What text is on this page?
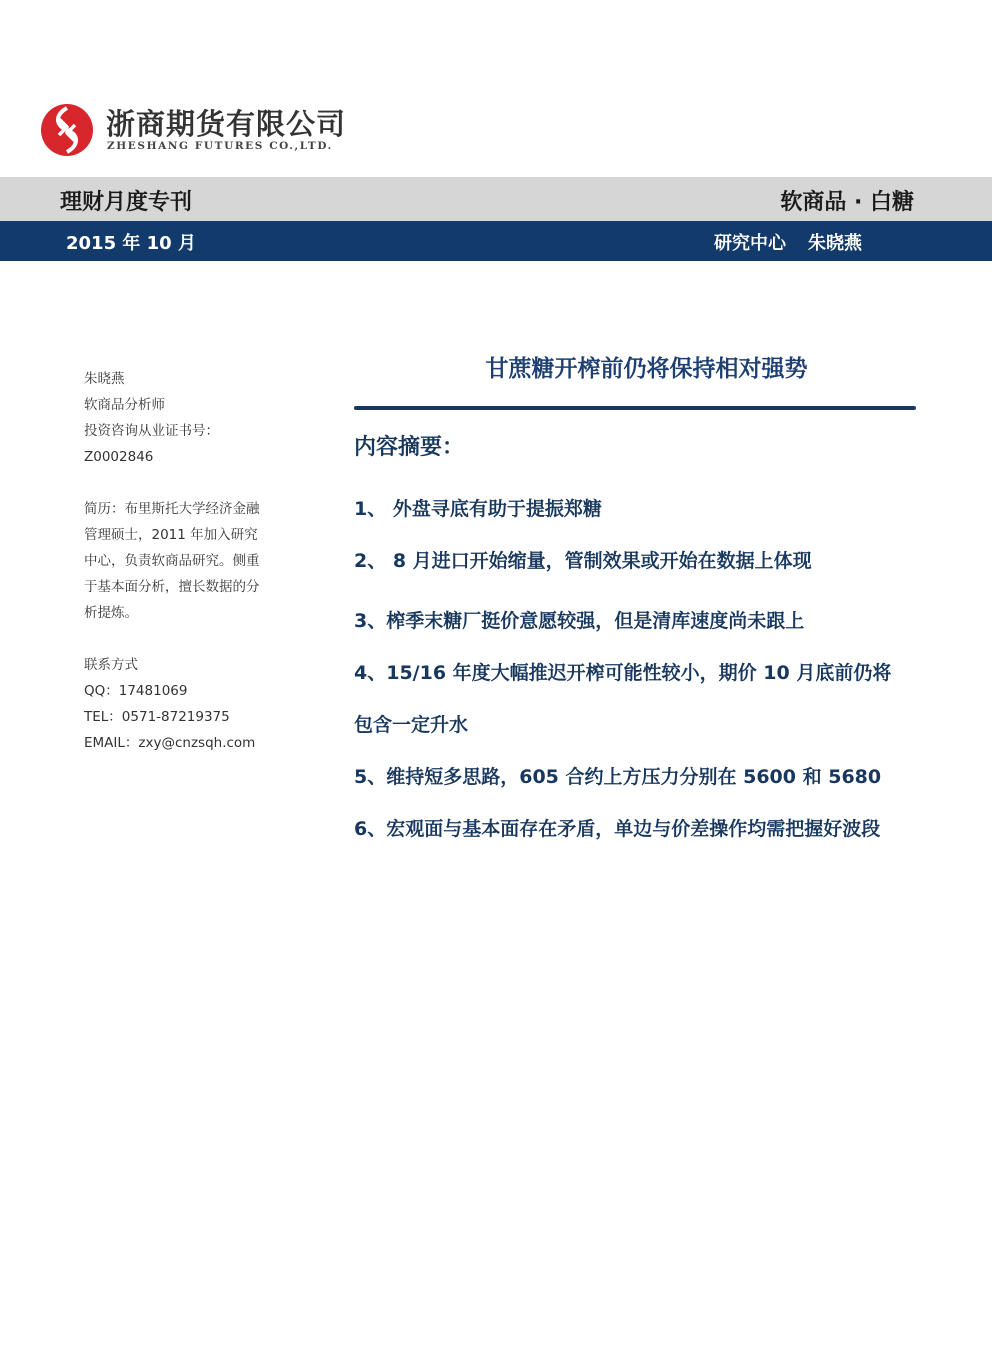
浙商期货有限公司
ZHESHANG FUTURES CO.,LTD.
理财月度专刊	软商品 · 白糖
2015 年 10 月	研究中心 朱晓燕
朱晓燕
软商品分析师
投资咨询从业证书号：
Z0002846
简历：布里斯托大学经济金融
管理硕士，2011 年加入研究
中心，负责软商品研究。侧重
于基本面分析，擅长数据的分
析提炼。
联系方式
QQ：17481069
TEL：0571-87219375
EMAIL：zxy@cnzsqh.com
甘蔗糖开榨前仍将保持相对强势
内容摘要：
1、 外盘寻底有助于提振郑糖
2、 8 月进口开始缩量，管制效果或开始在数据上体现
3、榨季末糖厂挺价意愿较强，但是清库速度尚未跟上
4、15/16 年度大幅推迟开榨可能性较小，期价 10 月底前仍将
包含一定升水
5、维持短多思路，605 合约上方压力分别在 5600 和 5680
6、宏观面与基本面存在矛盾，单边与价差操作均需把握好波段
